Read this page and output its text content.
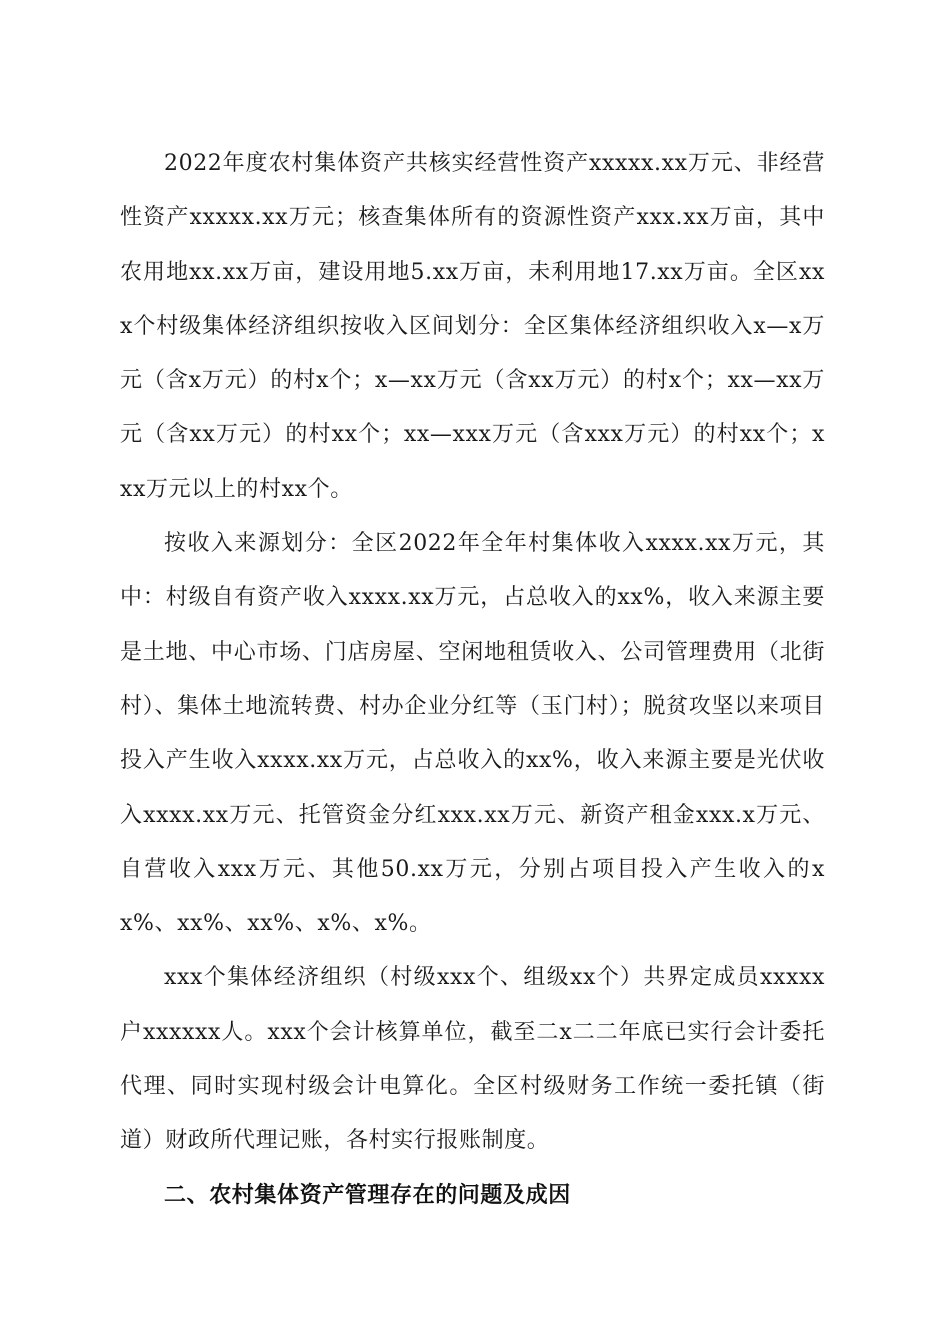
2022年度农村集体资产共核实经营性资产xxxxx.xx万元、非经营性资产xxxxx.xx万元；核查集体所有的资源性资产xxx.xx万亩，其中农用地xx.xx万亩，建设用地5.xx万亩，未利用地17.xx万亩。全区xxx个村级集体经济组织按收入区间划分：全区集体经济组织收入x—x万元（含x万元）的村x个；x—xx万元（含xx万元）的村x个；xx—xx万元（含xx万元）的村xx个；xx—xxx万元（含xxx万元）的村xx个；xxx万元以上的村xx个。

按收入来源划分：全区2022年全年村集体收入xxxx.xx万元，其中：村级自有资产收入xxxx.xx万元，占总收入的xx%，收入来源主要是土地、中心市场、门店房屋、空闲地租赁收入、公司管理费用（北街村）、集体土地流转费、村办企业分红等（玉门村）；脱贫攻坚以来项目投入产生收入xxxx.xx万元，占总收入的xx%，收入来源主要是光伏收入xxxx.xx万元、托管资金分红xxx.xx万元、新资产租金xxx.x万元、自营收入xxx万元、其他50.xx万元，分别占项目投入产生收入的xx%、xx%、xx%、x%、x%。

xxx个集体经济组织（村级xxx个、组级xx个）共界定成员xxxxx户xxxxxx人。xxx个会计核算单位，截至二x二二年底已实行会计委托代理、同时实现村级会计电算化。全区村级财务工作统一委托镇（街道）财政所代理记账，各村实行报账制度。

二、农村集体资产管理存在的问题及成因
